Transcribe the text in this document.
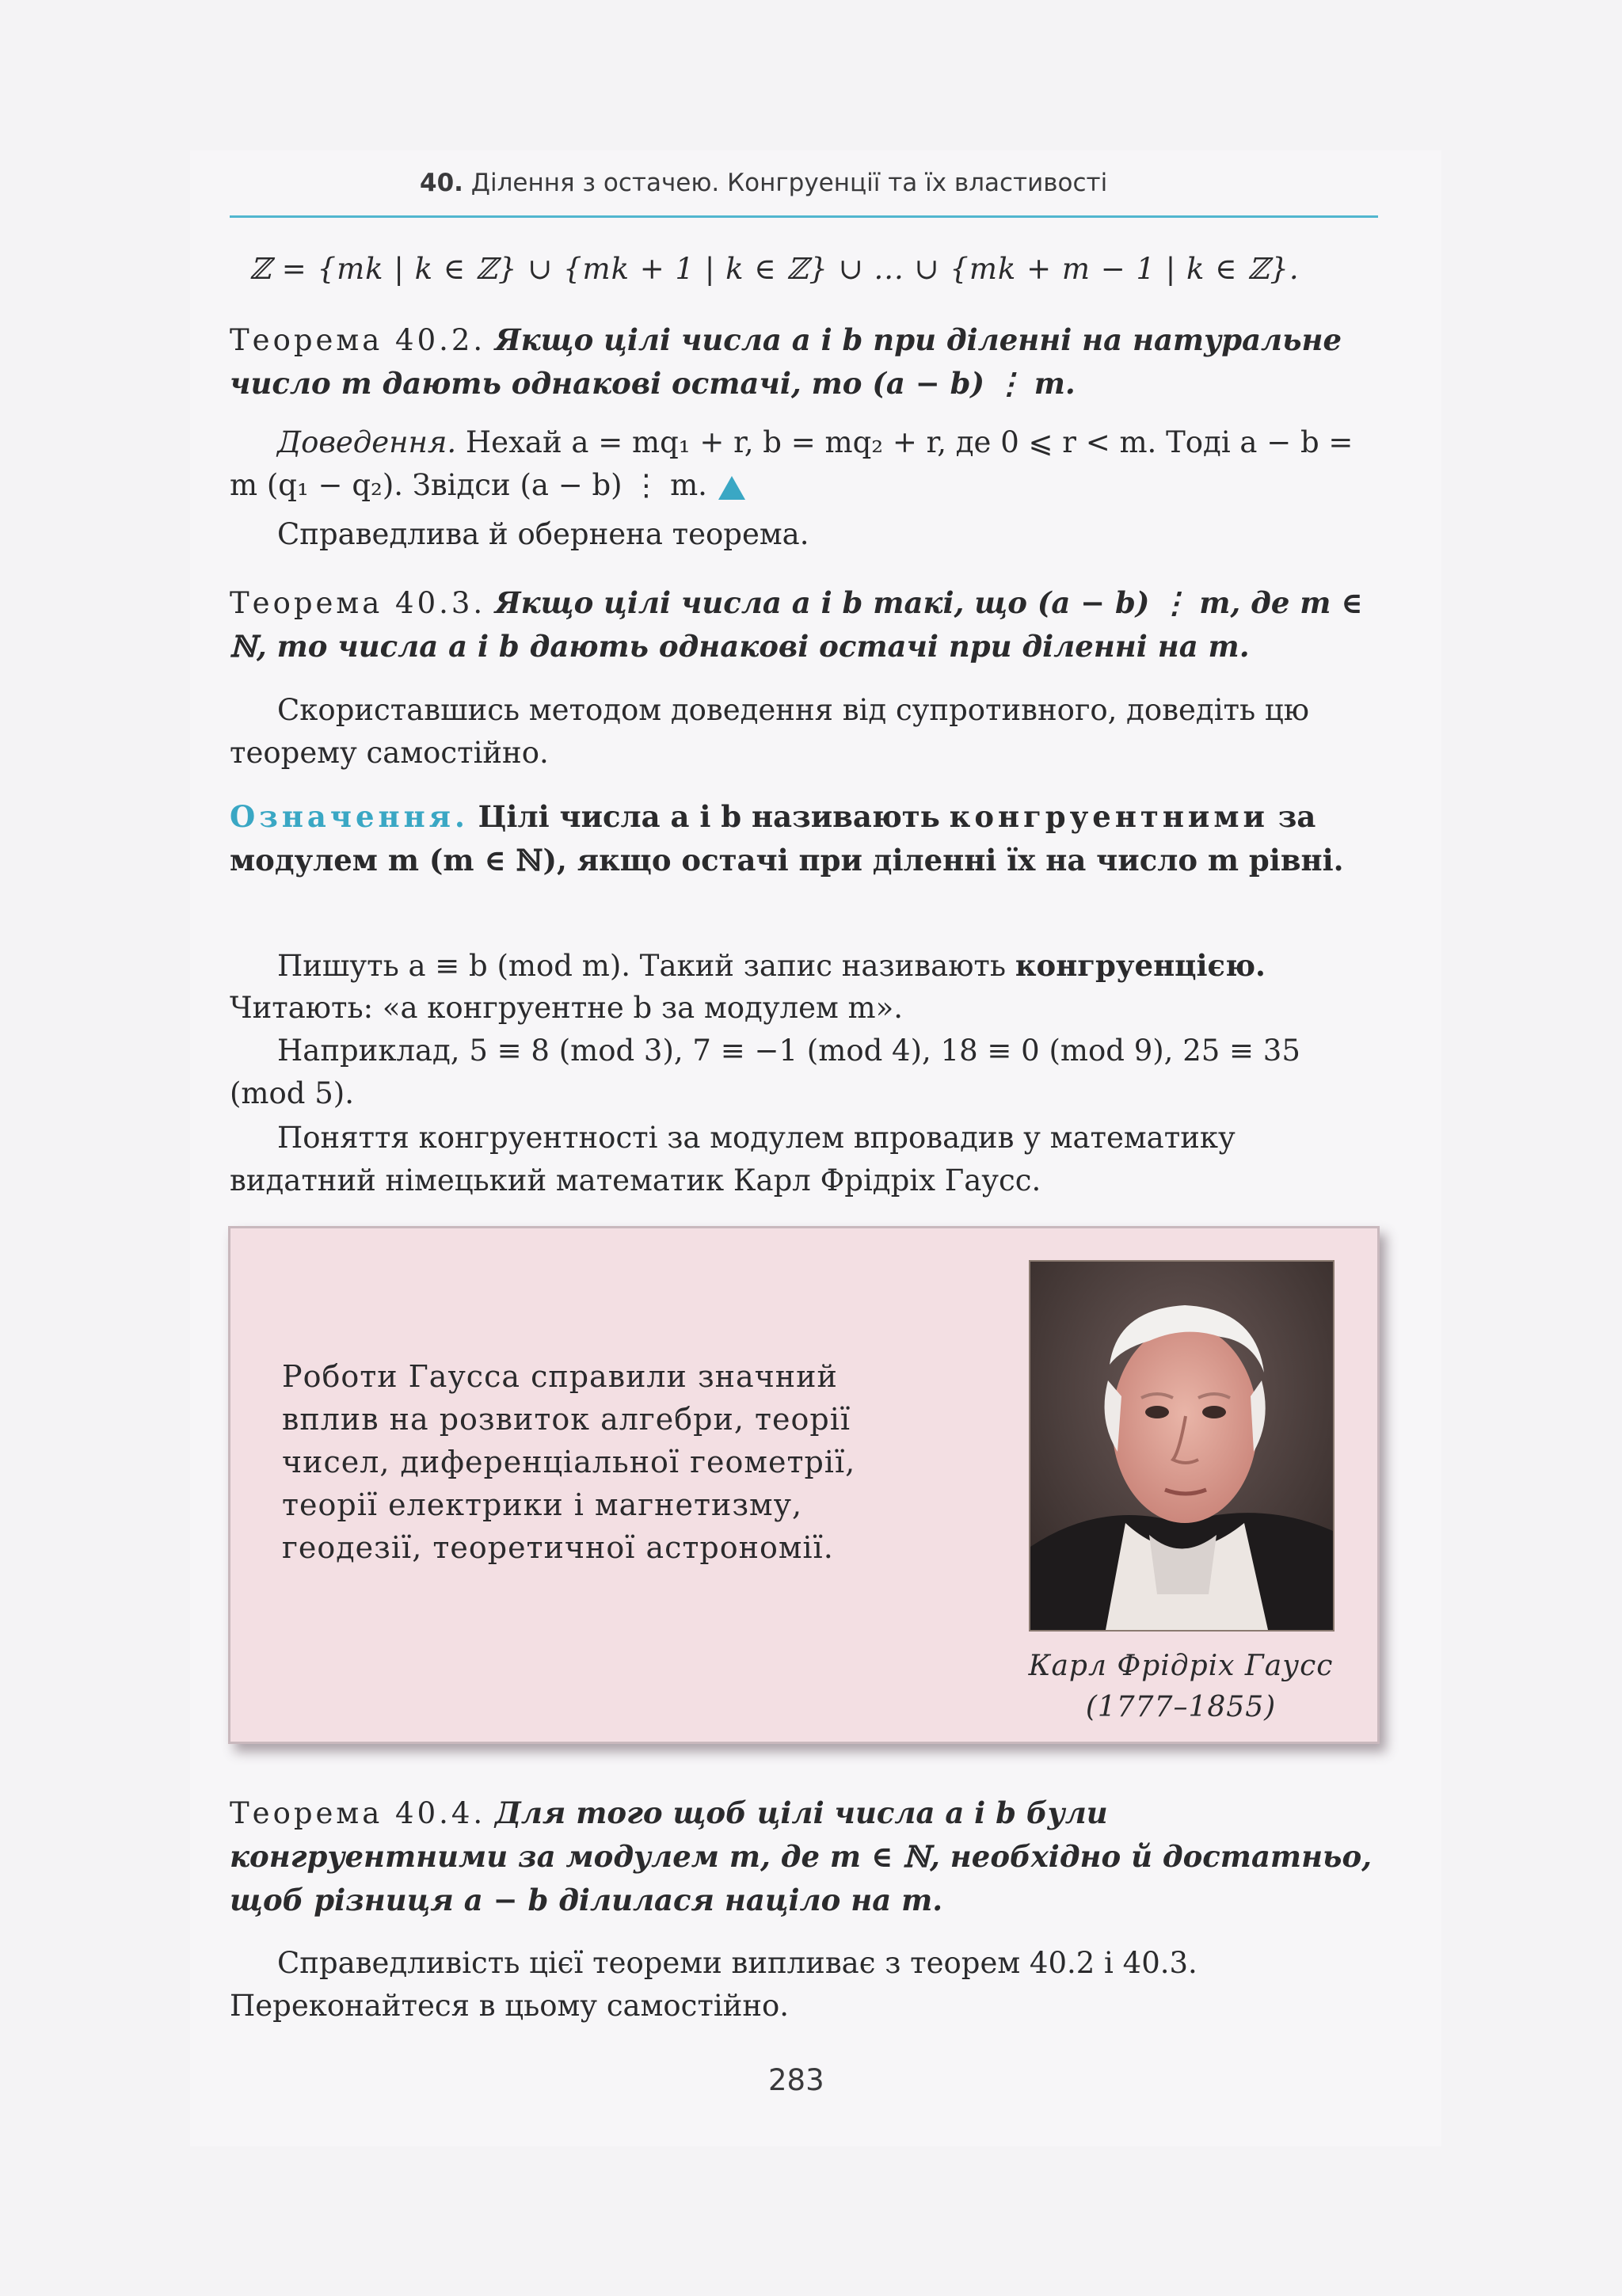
40. Ділення з остачею. Конгруенції та їх властивості
ℤ = {mk | k ∈ ℤ} ∪ {mk + 1 | k ∈ ℤ} ∪ ... ∪ {mk + m − 1 | k ∈ ℤ}.
Теорема 40.2. Якщо цілі числа a і b при діленні на натуральне число m дають однакові остачі, то (a − b) ⋮ m.
Доведення. Нехай a = mq₁ + r, b = mq₂ + r, де 0 ⩽ r < m. Тоді a − b = m (q₁ − q₂). Звідси (a − b) ⋮ m.
Справедлива й обернена теорема.
Теорема 40.3. Якщо цілі числа a і b такі, що (a − b) ⋮ m, де m ∈ ℕ, то числа a і b дають однакові остачі при діленні на m.
Скориставшись методом доведення від супротивного, доведіть цю теорему самостійно.
Означення. Цілі числа a і b називають конгруентними за модулем m (m ∈ ℕ), якщо остачі при діленні їх на число m рівні.
Пишуть a ≡ b (mod m). Такий запис називають конгруенцією.
Читають: «a конгруентне b за модулем m».
Наприклад, 5 ≡ 8 (mod 3), 7 ≡ −1 (mod 4), 18 ≡ 0 (mod 9), 25 ≡ 35 (mod 5).
Поняття конгруентності за модулем впровадив у математику видатний німецький математик Карл Фрідріх Гаусс.
Роботи Гаусса справили значний вплив на розвиток алгебри, теорії чисел, диференціальної геометрії, теорії електрики і магнетизму, геодезії, теоретичної астрономії.
Карл Фрідріх Гаусс
(1777–1855)
Теорема 40.4. Для того щоб цілі числа a і b були конгруентними за модулем m, де m ∈ ℕ, необхідно й достатньо, щоб різниця a − b ділилася націло на m.
Справедливість цієї теореми випливає з теорем 40.2 і 40.3. Переконайтеся в цьому самостійно.
283
